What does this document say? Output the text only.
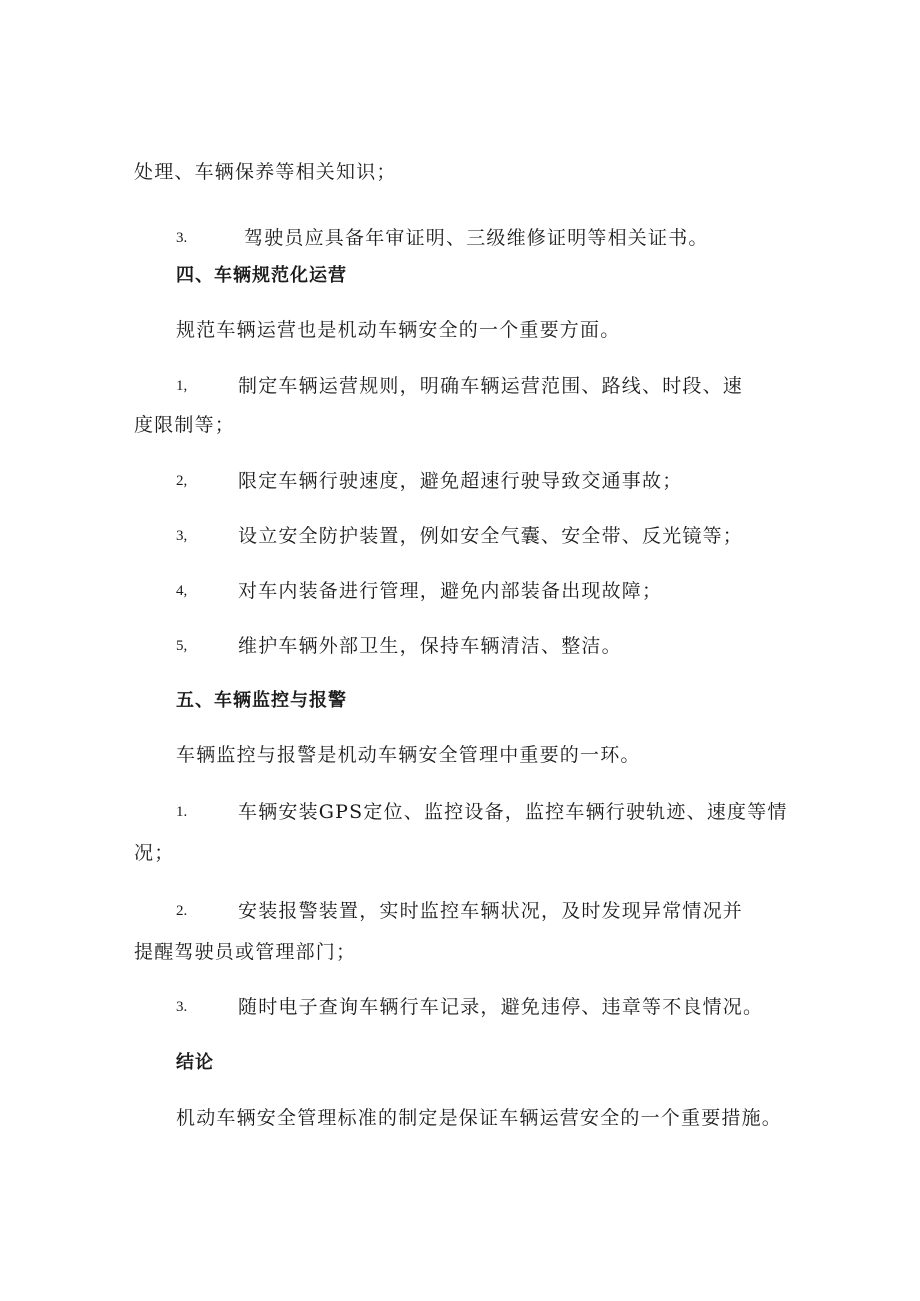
处理、车辆保养等相关知识；
3.	驾驶员应具备年审证明、三级维修证明等相关证书。
四、车辆规范化运营
规范车辆运营也是机动车辆安全的一个重要方面。
1,	制定车辆运营规则，明确车辆运营范围、路线、时段、速
度限制等；
2,	限定车辆行驶速度，避免超速行驶导致交通事故；
3,	设立安全防护装置，例如安全气囊、安全带、反光镜等；
4,	对车内装备进行管理，避免内部装备出现故障；
5,	维护车辆外部卫生，保持车辆清洁、整洁。
五、车辆监控与报警
车辆监控与报警是机动车辆安全管理中重要的一环。
1.	车辆安装GPS定位、监控设备，监控车辆行驶轨迹、速度等情
况；
2.	安装报警装置，实时监控车辆状况，及时发现异常情况并
提醒驾驶员或管理部门；
3.	随时电子查询车辆行车记录，避免违停、违章等不良情况。
结论
机动车辆安全管理标准的制定是保证车辆运营安全的一个重要措施。
